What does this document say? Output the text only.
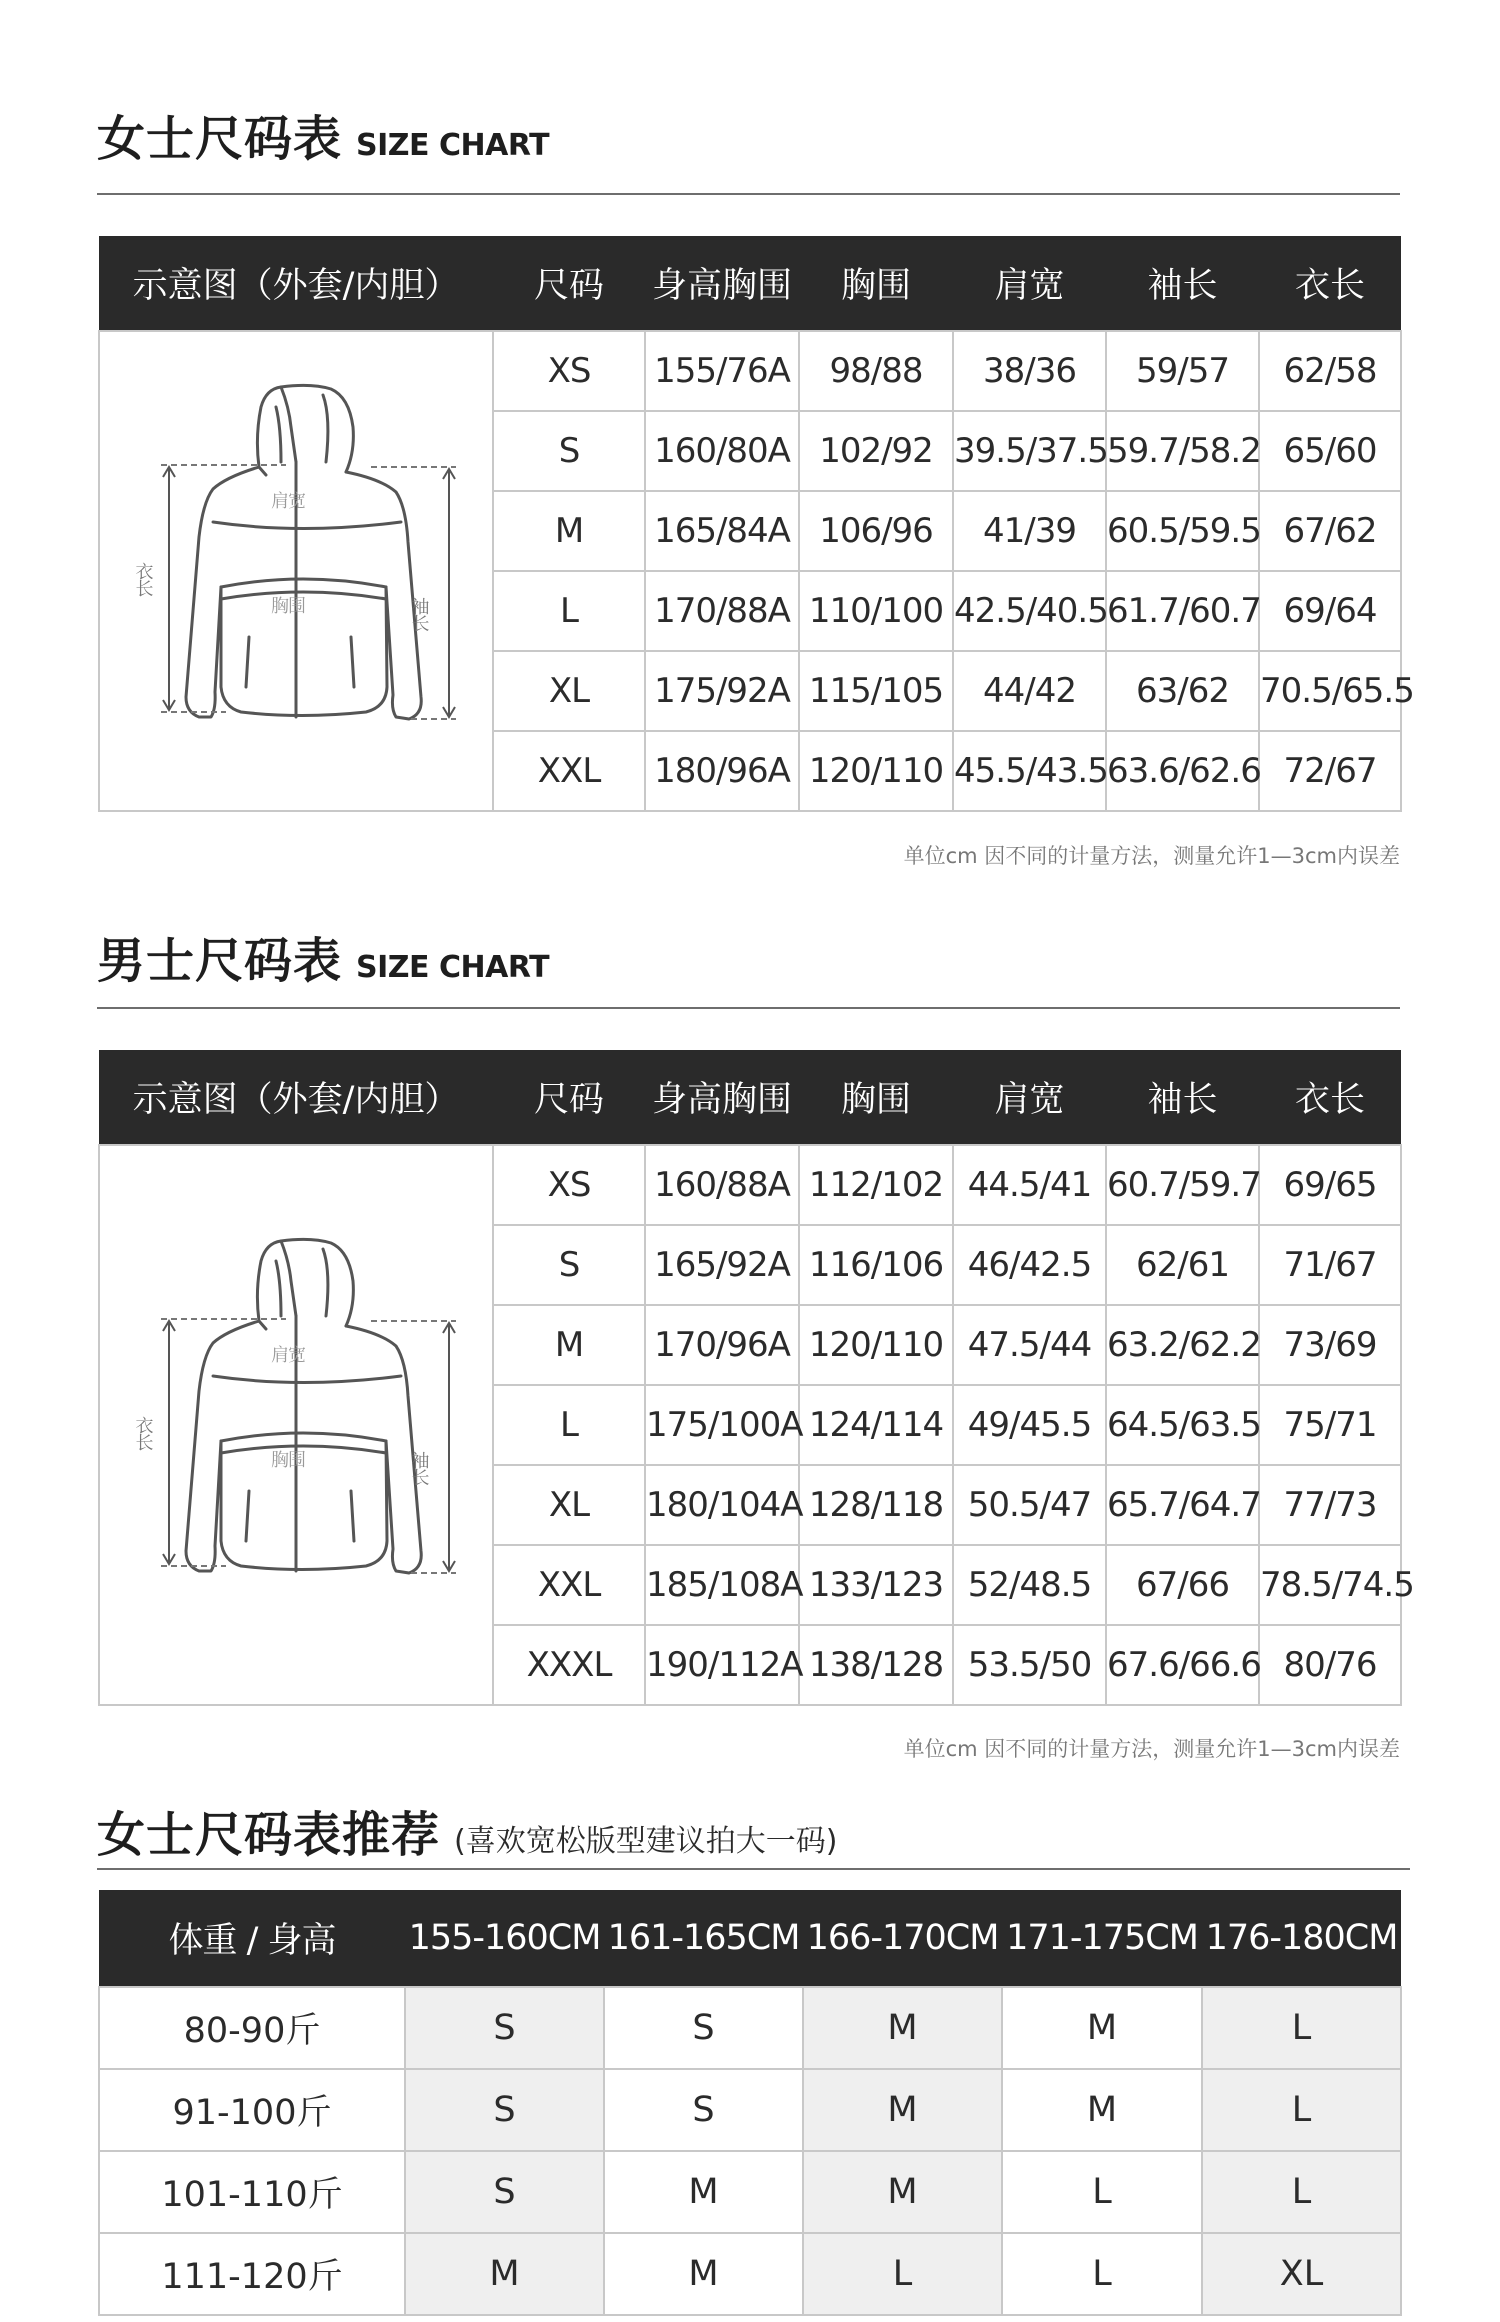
女士尺码表 SIZE CHART
示意图（外套/内胆）	尺码	身高胸围	胸围	肩宽	袖长	衣长

肩宽
胸围
衣长
袖长	XS	155/76A	98/88	38/36	59/57	62/58
	S	160/80A	102/92	39.5/37.5	59.7/58.2	65/60
	M	165/84A	106/96	41/39	60.5/59.5	67/62
	L	170/88A	110/100	42.5/40.5	61.7/60.7	69/64
	XL	175/92A	115/105	44/42	63/62	70.5/65.5
	XXL	180/96A	120/110	45.5/43.5	63.6/62.6	72/67
单位cm 因不同的计量方法，测量允许1—3cm内误差
男士尺码表 SIZE CHART
示意图（外套/内胆）	尺码	身高胸围	胸围	肩宽	袖长	衣长

肩宽
胸围
衣长
袖长	XS	160/88A	112/102	44.5/41	60.7/59.7	69/65
	S	165/92A	116/106	46/42.5	62/61	71/67
	M	170/96A	120/110	47.5/44	63.2/62.2	73/69
	L	175/100A	124/114	49/45.5	64.5/63.5	75/71
	XL	180/104A	128/118	50.5/47	65.7/64.7	77/73
	XXL	185/108A	133/123	52/48.5	67/66	78.5/74.5
	XXXL	190/112A	138/128	53.5/50	67.6/66.6	80/76
单位cm 因不同的计量方法，测量允许1—3cm内误差
女士尺码表推荐 (喜欢宽松版型建议拍大一码)
体重 / 身高	155-160CM	161-165CM	166-170CM	171-175CM	176-180CM
80-90斤	S	S	M	M	L
91-100斤	S	S	M	M	L
101-110斤	S	M	M	L	L
111-120斤	M	M	L	L	XL
